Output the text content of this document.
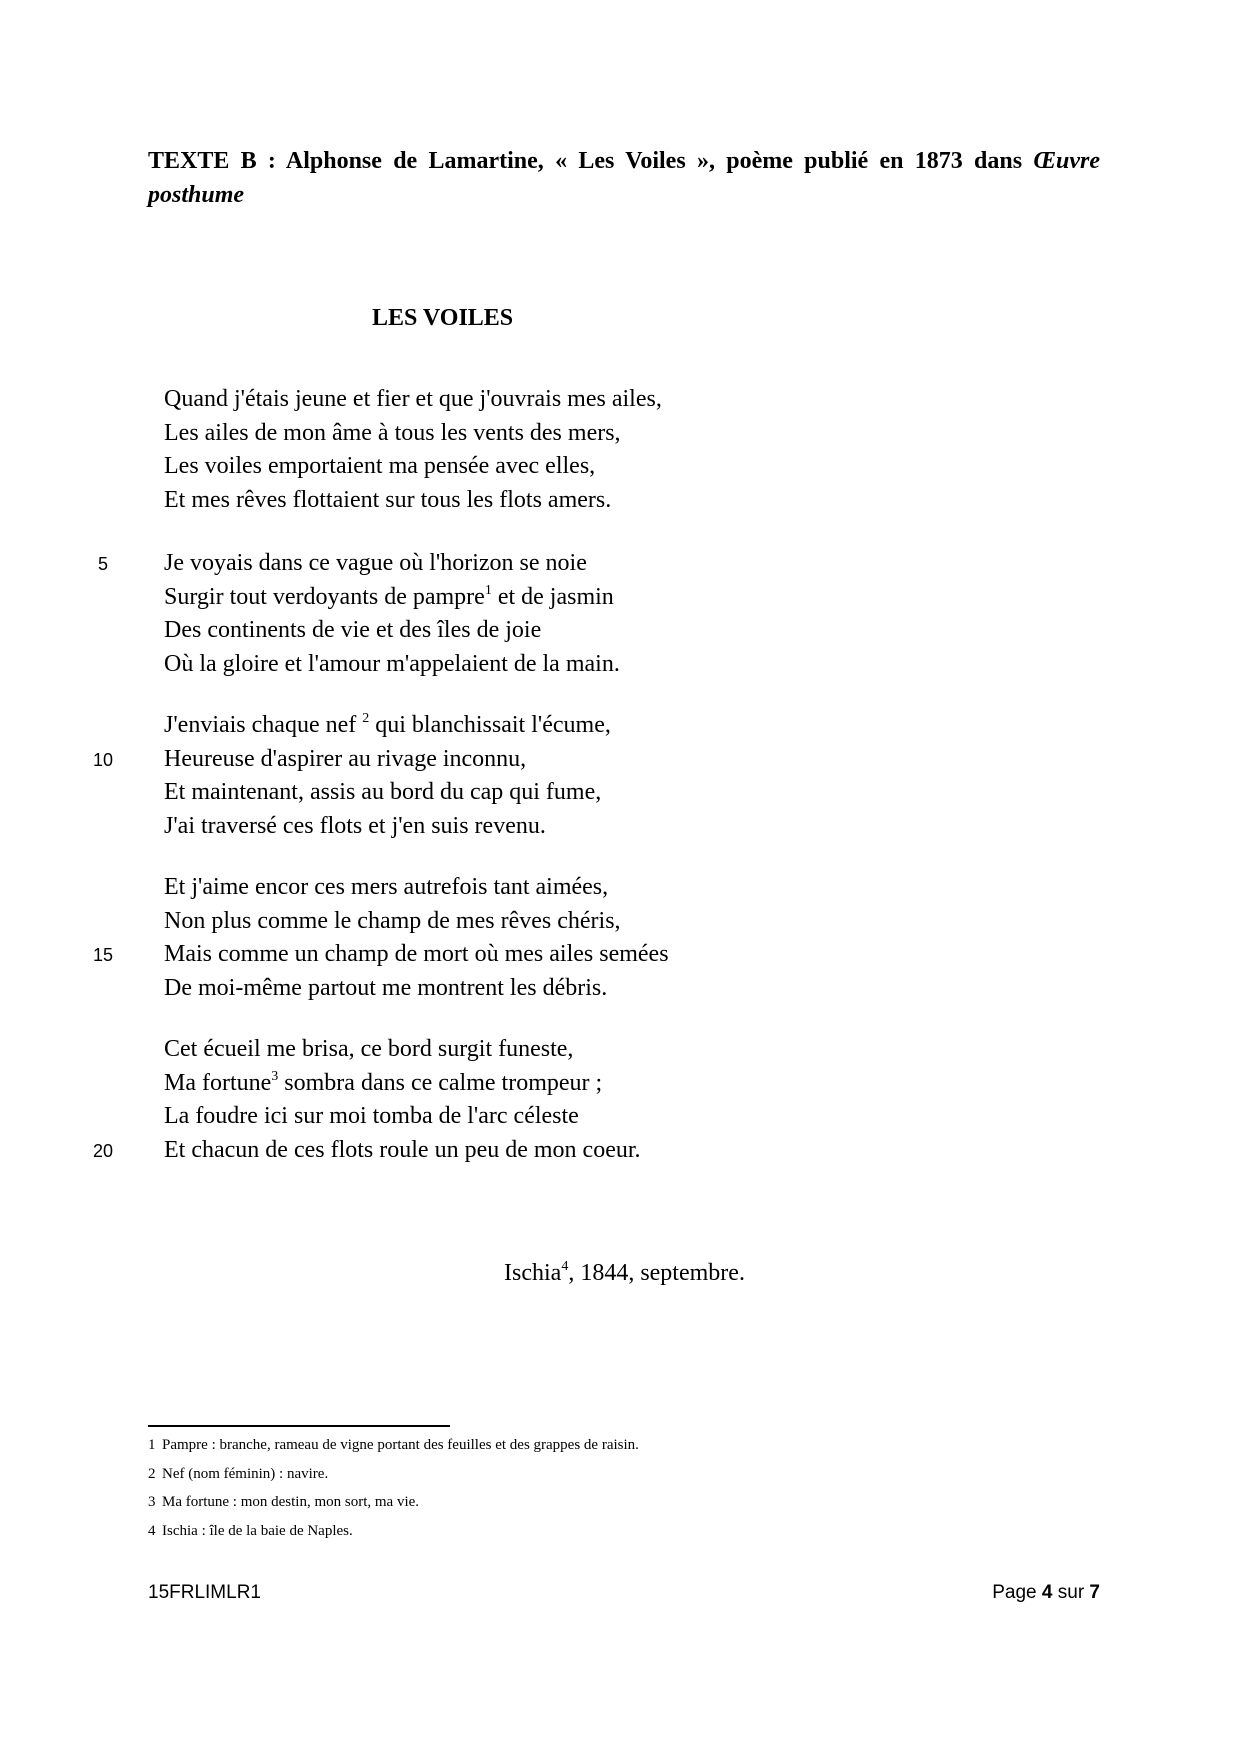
TEXTE B : Alphonse de Lamartine, « Les Voiles », poème publié en 1873 dans Œuvre posthume
LES VOILES
Quand j'étais jeune et fier et que j'ouvrais mes ailes,
Les ailes de mon âme à tous les vents des mers,
Les voiles emportaient ma pensée avec elles,
Et mes rêves flottaient sur tous les flots amers.
5	Je voyais dans ce vague où l'horizon se noie
Surgir tout verdoyants de pampre$^1$ et de jasmin
Des continents de vie et des îles de joie
Où la gloire et l'amour m'appelaient de la main.
J'enviais chaque nef $^2$ qui blanchissait l'écume,
10 Heureuse d'aspirer au rivage inconnu,
Et maintenant, assis au bord du cap qui fume,
J'ai traversé ces flots et j'en suis revenu.
Et j'aime encor ces mers autrefois tant aimées,
Non plus comme le champ de mes rêves chéris,
15 Mais comme un champ de mort où mes ailes semées
De moi-même partout me montrent les débris.
Cet écueil me brisa, ce bord surgit funeste,
Ma fortune$^3$ sombra dans ce calme trompeur ;
La foudre ici sur moi tomba de l'arc céleste
20 Et chacun de ces flots roule un peu de mon coeur.
Ischia$^4$, 1844, septembre.
1 Pampre : branche, rameau de vigne portant des feuilles et des grappes de raisin.
2 Nef (nom féminin) : navire.
3 Ma fortune : mon destin, mon sort, ma vie.
4 Ischia : île de la baie de Naples.
15FRLIMLR1	Page 4 sur 7
